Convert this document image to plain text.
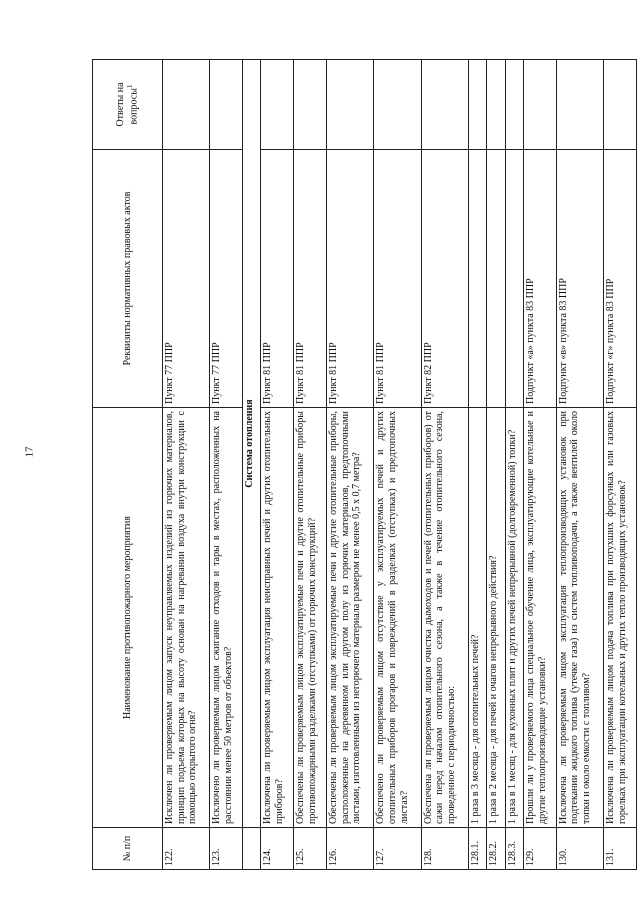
17
№ п/п	Наименование противопожарного мероприятия	Реквизиты нормативных правовых актов	Ответы на вопросы$^1$
122.	Исключен ли проверяемым лицом запуск неуправляемых изделий из горючих материалов, принцип подъема которых на высоту основан на нагревании воздуха внутри конструкции с помощью открытого огня?	Пункт 77 ППР	
123.	Исключено ли проверяемым лицом сжигание отходов и тары в местах, расположенных на расстоянии менее 50 метров от объектов?	Пункт 77 ППР	
	Система отопления		
124.	Исключена ли проверяемым лицом эксплуатация неисправных печей и других отопительных приборов?	Пункт 81 ППР	
125.	Обеспечены ли проверяемым лицом эксплуатируемые печи и другие отопительные приборы противопожарными разделками (отступками) от горючих конструкций?	Пункт 81 ППР	
126.	Обеспечены ли проверяемым лицом эксплуатируемые печи и другие отопительные приборы, расположенные на деревянном или другом полу из горючих материалов, предтопочными листами, изготовленными из негорючего материала размером не менее 0,5 х 0,7 метра?	Пункт 81 ППР	
127.	Обеспечено ли проверяемым лицом отсутствие у эксплуатируемых печей и других отопительных приборов прогаров и повреждений в разделках (отступках) и предтопочных листах?	Пункт 81 ППР	
128.	Обеспечена ли проверяемым лицом очистка дымоходов и печей (отопительных приборов) от сажи перед началом отопительного сезона, а также в течение отопительного сезона, проведенное с периодичностью:	Пункт 82 ППР	
128.1.	1 раза в 3 месяца - для отопительных печей?		
128.2.	1 раза в 2 месяца - для печей и очагов непрерывного действия?		
128.3.	1 раза в 1 месяц - для кухонных плит и других печей непрерывной (долговременной) топки?		
129.	Прошли ли у проверяемого лица специальное обучение лица, эксплуатирующие котельные и другие теплопроизводящие установки?	Подпункт «а» пункта 83 ППР	
130.	Исключена ли проверяемым лицом эксплуатация теплопроизводящих установок при подтекании жидкого топлива (утечке газа) из систем топливоподачи, а также вентилей около топки и около емкости с топливом?	Подпункт «в» пункта 83 ППР	
131.	Исключена ли проверяемым лицом подача топлива при потухших форсунках или газовых горелках при эксплуатации котельных и других тепло производящих установок?	Подпункт «г» пункта 83 ППР	
